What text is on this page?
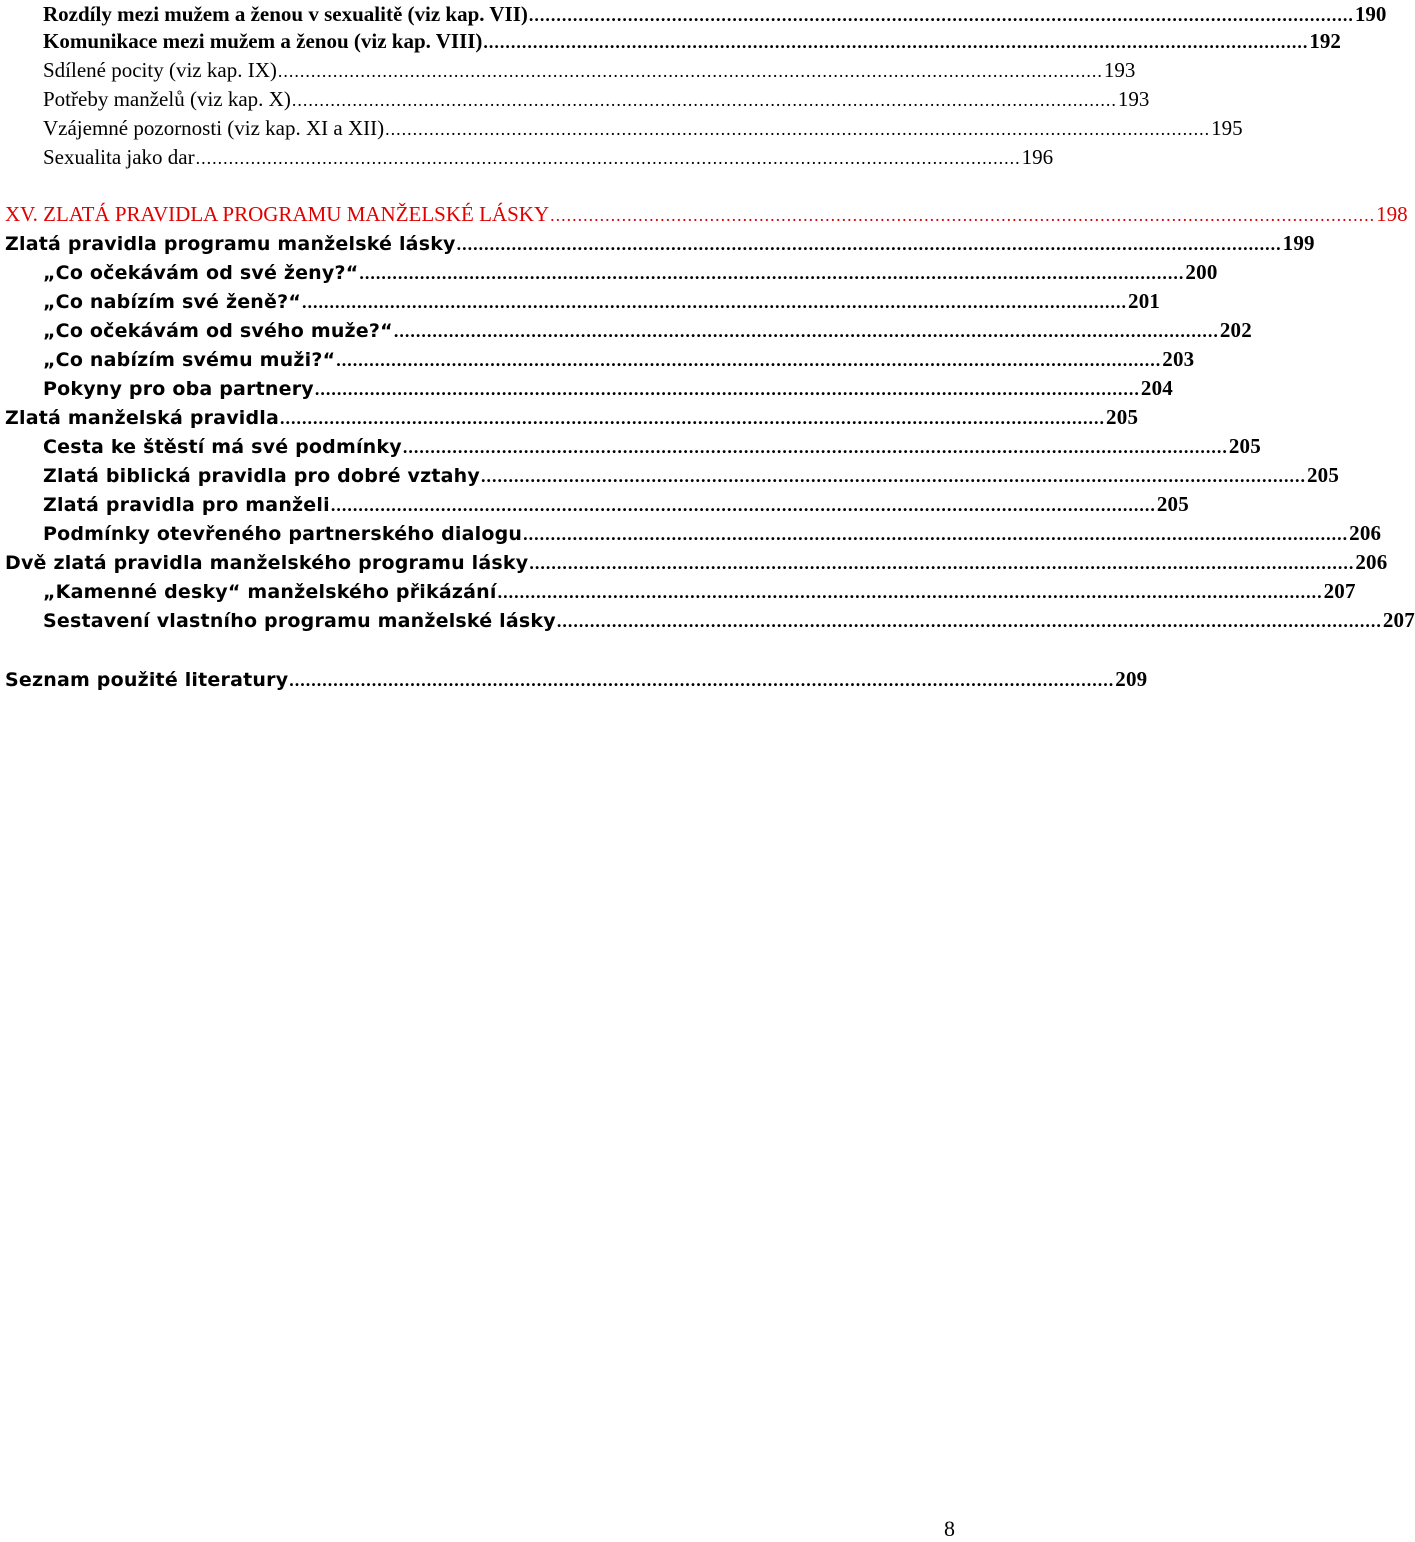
Rozdíly mezi mužem a ženou v sexualitě (viz kap. VII) ...................................................................................................................................................... 190
Komunikace mezi mužem a ženou (viz kap. VIII) ...................................................................................................................................................... 192
Sdílené pocity (viz kap. IX) ...................................................................................................................................................... 193
Potřeby manželů (viz kap. X) ...................................................................................................................................................... 193
Vzájemné pozornosti (viz kap. XI a XII) ...................................................................................................................................................... 195
Sexualita jako dar ...................................................................................................................................................... 196
XV. ZLATÁ PRAVIDLA PROGRAMU MANŽELSKÉ LÁSKY ...................................................................................................................................................... 198
Zlatá pravidla programu manželské lásky ...................................................................................................................................................... 199
„Co očekávám od své ženy?“ ...................................................................................................................................................... 200
„Co nabízím své ženě?“ ...................................................................................................................................................... 201
„Co očekávám od svého muže?“ ...................................................................................................................................................... 202
„Co nabízím svému muži?“ ...................................................................................................................................................... 203
Pokyny pro oba partnery ...................................................................................................................................................... 204
Zlatá manželská pravidla ...................................................................................................................................................... 205
Cesta ke štěstí má své podmínky ...................................................................................................................................................... 205
Zlatá biblická pravidla pro dobré vztahy ...................................................................................................................................................... 205
Zlatá pravidla pro manželi ...................................................................................................................................................... 205
Podmínky otevřeného partnerského dialogu ...................................................................................................................................................... 206
Dvě zlatá pravidla manželského programu lásky ...................................................................................................................................................... 206
„Kamenné desky“ manželského přikázání ...................................................................................................................................................... 207
Sestavení vlastního programu manželské lásky ...................................................................................................................................................... 207
Seznam použité literatury ...................................................................................................................................................... 209
8
